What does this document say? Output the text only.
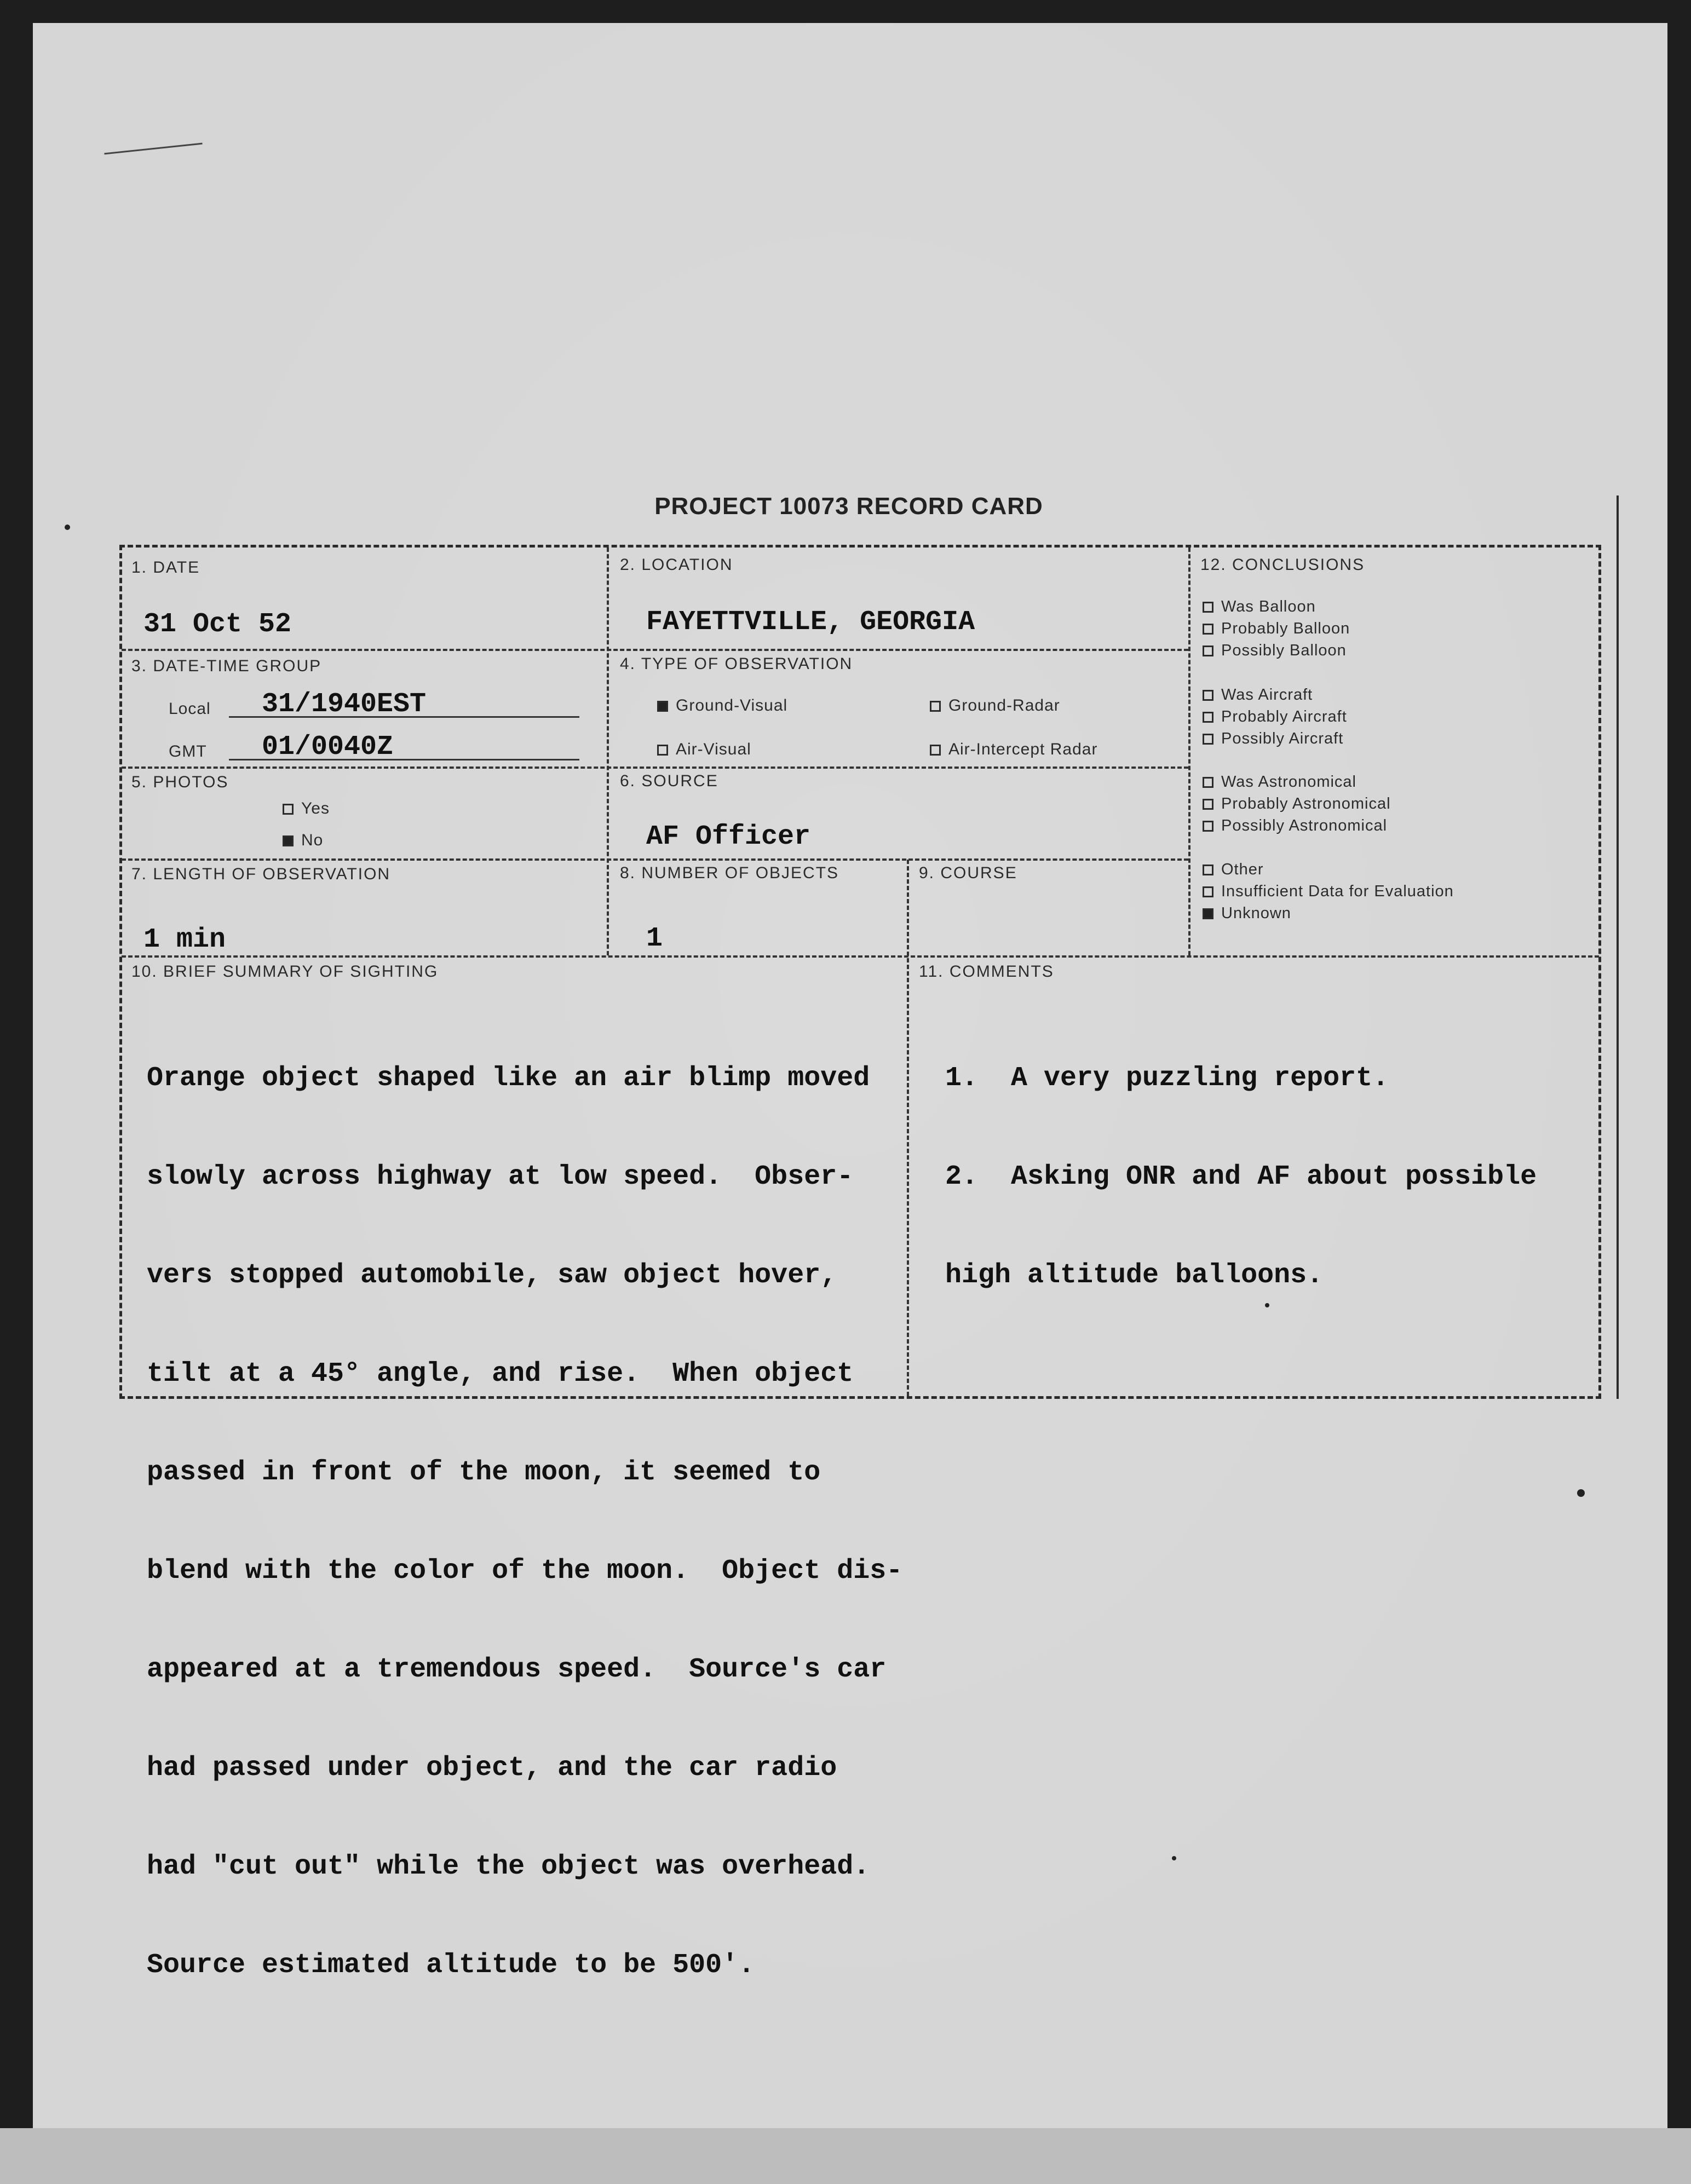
PROJECT 10073 RECORD CARD
1. DATE
31 Oct 52
2. LOCATION
FAYETTVILLE, GEORGIA
3. DATE-TIME GROUP
Local 31/1940EST
GMT 01/0040Z
4. TYPE OF OBSERVATION
Ground-Visual	Ground-Radar
Air-Visual	Air-Intercept Radar
5. PHOTOS
Yes
No
6. SOURCE
AF Officer
7. LENGTH OF OBSERVATION
1 min
8. NUMBER OF OBJECTS
1
9. COURSE
12. CONCLUSIONS
Was Balloon
Probably Balloon
Possibly Balloon
Was Aircraft
Probably Aircraft
Possibly Aircraft
Was Astronomical
Probably Astronomical
Possibly Astronomical
Other
Insufficient Data for Evaluation
Unknown
10. BRIEF SUMMARY OF SIGHTING

Orange object shaped like an air blimp moved

slowly across highway at low speed.  Obser-

vers stopped automobile, saw object hover,

tilt at a 45° angle, and rise.  When object

passed in front of the moon, it seemed to

blend with the color of the moon.  Object dis-

appeared at a tremendous speed.  Source's car

had passed under object, and the car radio

had "cut out" while the object was overhead.

Source estimated altitude to be 500'.

11. COMMENTS

1.  A very puzzling report.

2.  Asking ONR and AF about possible

high altitude balloons.
